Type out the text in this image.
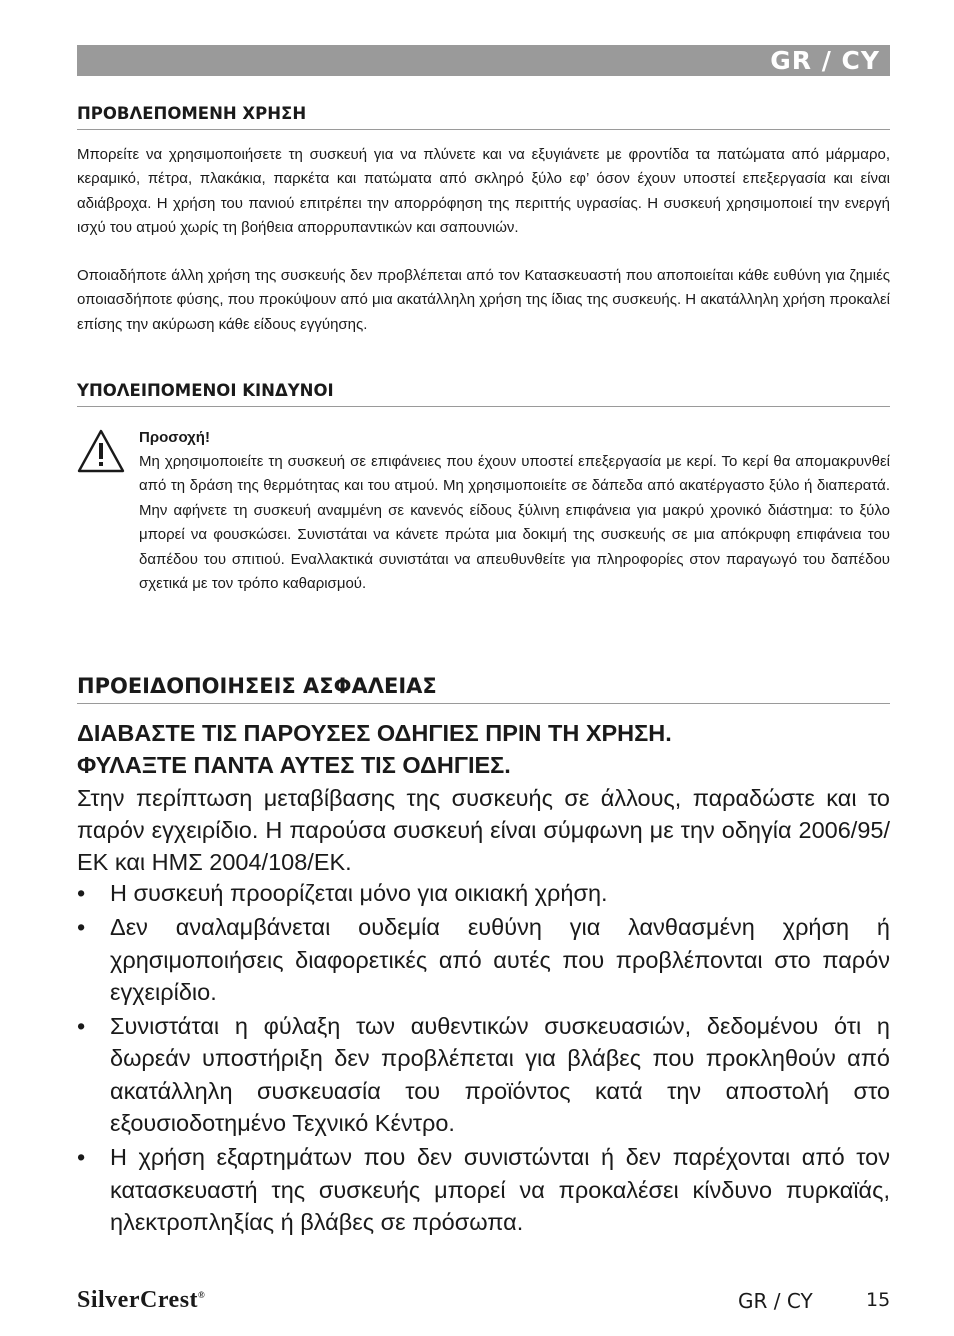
GR / CY
ΠΡΟΒΛΕΠΟΜΕΝΗ ΧΡΗΣΗ

Μπορείτε να χρησιμοποιήσετε τη συσκευή για να πλύνετε και να εξυγιάνετε με φροντίδα τα πατώματα από μάρμαρο, κεραμικό, πέτρα, πλακάκια, παρκέτα και πατώματα από σκληρό ξύλο εφ’ όσον έχουν υποστεί επεξεργασία και είναι αδιάβροχα. Η χρήση του πανιού επιτρέπει την απορρόφηση της περιττής υγρασίας. Η συσκευή χρησιμοποιεί την ενεργή ισχύ του ατμού χωρίς τη βοήθεια απορρυπαντικών και σαπουνιών.

Οποιαδήποτε άλλη χρήση της συσκευής δεν προβλέπεται από τον Κατασκευαστή που αποποιείται κάθε ευθύνη για ζημιές οποιασδήποτε φύσης, που προκύψουν από μια ακατάλληλη χρήση της ίδιας της συσκευής. Η ακατάλληλη χρήση προκαλεί επίσης την ακύρωση κάθε είδους εγγύησης.

ΥΠΟΛΕΙΠΟΜΕΝΟΙ ΚΙΝΔΥΝΟΙ
Προσοχή!

Μη χρησιμοποιείτε τη συσκευή σε επιφάνειες που έχουν υποστεί επεξεργασία με κερί. Το κερί θα απομακρυνθεί από τη δράση της θερμότητας και του ατμού. Μη χρησιμοποιείτε σε δάπεδα από ακατέργαστο ξύλο ή διαπερατά. Μην αφήνετε τη συσκευή αναμμένη σε κανενός είδους ξύλινη επιφάνεια για μακρύ χρονικό διάστημα: το ξύλο μπορεί να φουσκώσει. Συνιστάται να κάνετε πρώτα μια δοκιμή της συσκευής σε μια απόκρυφη επιφάνεια του δαπέδου του σπιτιού. Εναλλακτικά συνιστάται να απευθυνθείτε για πληροφορίες στον παραγωγό του δαπέδου σχετικά με τον τρόπο καθαρισμού.

ΠΡΟΕΙΔΟΠΟΙΗΣΕΙΣ ΑΣΦΑΛΕΙΑΣ
ΔΙΑΒΑΣΤΕ ΤΙΣ ΠΑΡΟΥΣΕΣ ΟΔΗΓΙΕΣ ΠΡΙΝ ΤΗ ΧΡΗΣΗ.
ΦΥΛΑΞΤΕ ΠΑΝΤΑ ΑΥΤΕΣ ΤΙΣ ΟΔΗΓΙΕΣ.

Στην περίπτωση μεταβίβασης της συσκευής σε άλλους, παραδώστε και το παρόν εγχειρίδιο. Η παρούσα συσκευή είναι σύμφωνη με την οδηγία 2006/95/ΕΚ και ΗΜΣ 2004/108/ΕΚ.

• Η συσκευή προορίζεται μόνο για οικιακή χρήση.
• Δεν αναλαμβάνεται ουδεμία ευθύνη για λανθασμένη χρήση ή χρησιμοποιήσεις διαφορετικές από αυτές που προβλέπονται στο παρόν εγχειρίδιο.
• Συνιστάται η φύλαξη των αυθεντικών συσκευασιών, δεδομένου ότι η δωρεάν υποστήριξη δεν προβλέπεται για βλάβες που προκληθούν από ακατάλληλη συσκευασία του προϊόντος κατά την αποστολή στο εξουσιοδοτημένο Τεχνικό Κέντρο.
• Η χρήση εξαρτημάτων που δεν συνιστώνται ή δεν παρέχονται από τον κατασκευαστή της συσκευής μπορεί να προκαλέσει κίνδυνο πυρκαϊάς, ηλεκτροπληξίας ή βλάβες σε πρόσωπα.
SilverCrest®	GR / CY	15
